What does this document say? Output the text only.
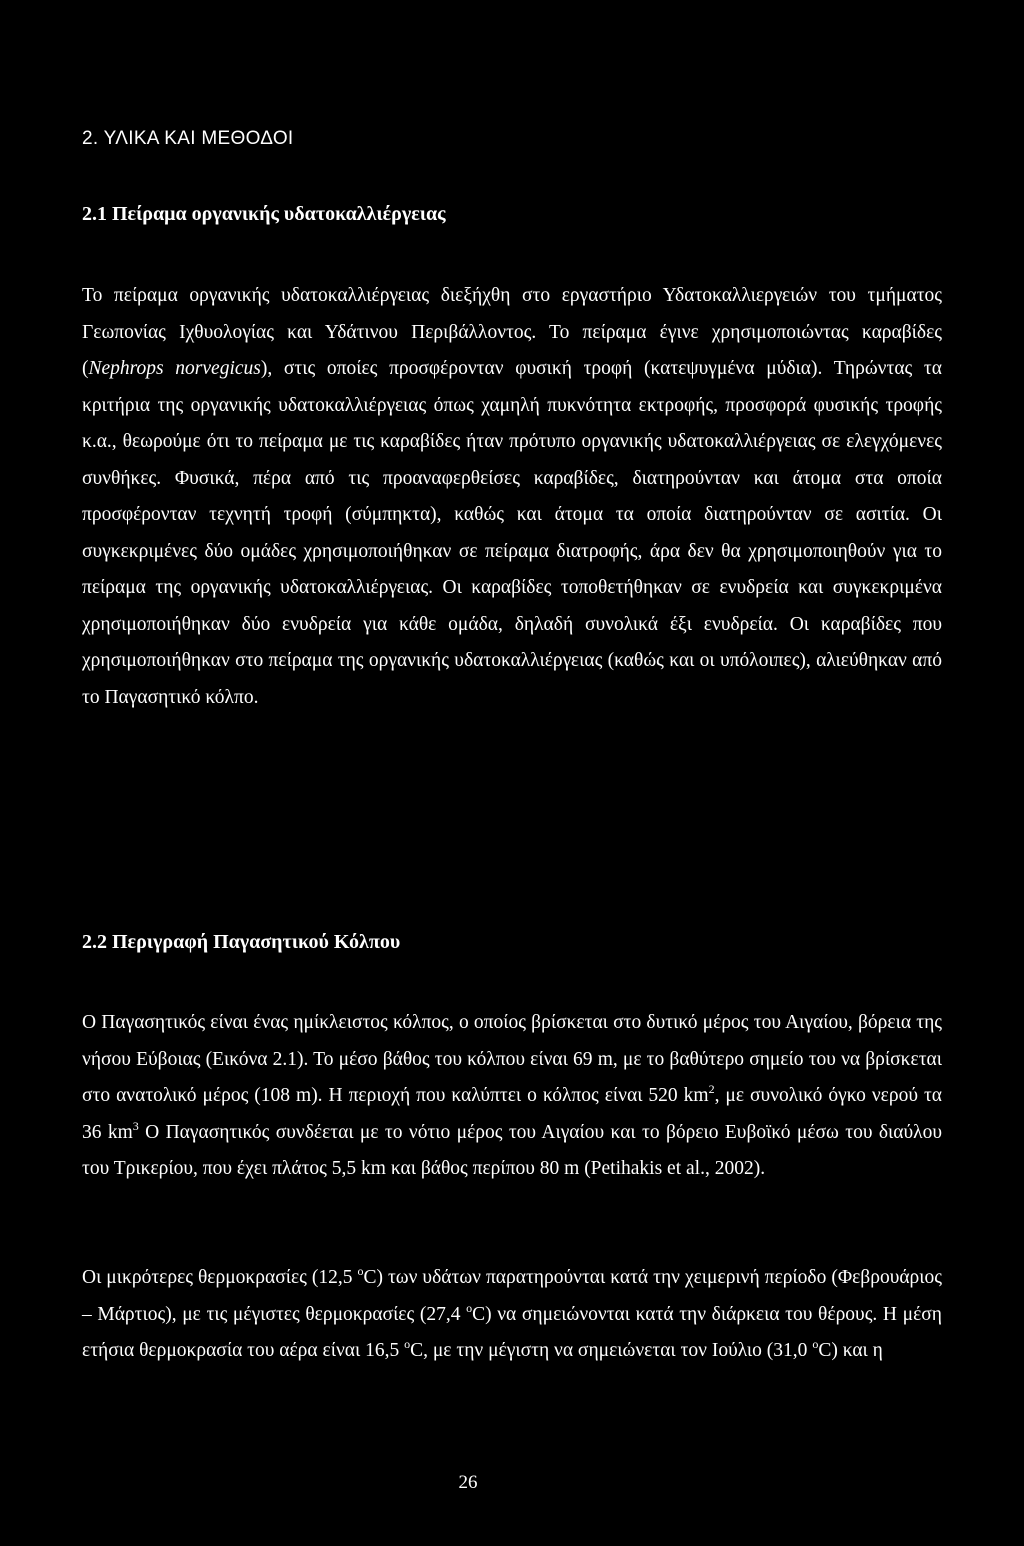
2. ΥΛΙΚΑ ΚΑΙ ΜΕΘΟΔΟΙ
2.1 Πείραμα οργανικής υδατοκαλλιέργειας

Το πείραμα οργανικής υδατοκαλλιέργειας διεξήχθη στο εργαστήριο Υδατοκαλλιεργειών του τμήματος Γεωπονίας Ιχθυολογίας και Υδάτινου Περιβάλλοντος. Το πείραμα έγινε χρησιμοποιώντας καραβίδες (Nephrops norvegicus), στις οποίες προσφέρονταν φυσική τροφή (κατεψυγμένα μύδια). Τηρώντας τα κριτήρια της οργανικής υδατοκαλλιέργειας όπως χαμηλή πυκνότητα εκτροφής, προσφορά φυσικής τροφής κ.α., θεωρούμε ότι το πείραμα με τις καραβίδες ήταν πρότυπο οργανικής υδατοκαλλιέργειας σε ελεγχόμενες συνθήκες. Φυσικά, πέρα από τις προαναφερθείσες καραβίδες, διατηρούνταν και άτομα στα οποία προσφέρονταν τεχνητή τροφή (σύμπηκτα), καθώς και άτομα τα οποία διατηρούνταν σε ασιτία. Οι συγκεκριμένες δύο ομάδες χρησιμοποιήθηκαν σε πείραμα διατροφής, άρα δεν θα χρησιμοποιηθούν για το πείραμα της οργανικής υδατοκαλλιέργειας. Οι καραβίδες τοποθετήθηκαν σε ενυδρεία και συγκεκριμένα χρησιμοποιήθηκαν δύο ενυδρεία για κάθε ομάδα, δηλαδή συνολικά έξι ενυδρεία. Οι καραβίδες που χρησιμοποιήθηκαν στο πείραμα της οργανικής υδατοκαλλιέργειας (καθώς και οι υπόλοιπες), αλιεύθηκαν από το Παγασητικό κόλπο.

2.2 Περιγραφή Παγασητικού Κόλπου

Ο Παγασητικός είναι ένας ημίκλειστος κόλπος, ο οποίος βρίσκεται στο δυτικό μέρος του Αιγαίου, βόρεια της νήσου Εύβοιας (Εικόνα 2.1). Το μέσο βάθος του κόλπου είναι 69 m, με το βαθύτερο σημείο του να βρίσκεται στο ανατολικό μέρος (108 m). Η περιοχή που καλύπτει ο κόλπος είναι 520 $km^2$, με συνολικό όγκο νερού τα 36 $km^3$ Ο Παγασητικός συνδέεται με το νότιο μέρος του Αιγαίου και το βόρειο Ευβοϊκό μέσω του διαύλου του Τρικερίου, που έχει πλάτος 5,5 km και βάθος περίπου 80 m (Petihakis et al., 2002).

Οι μικρότερες θερμοκρασίες (12,5 $^o$C) των υδάτων παρατηρούνται κατά την χειμερινή περίοδο (Φεβρουάριος – Μάρτιος), με τις μέγιστες θερμοκρασίες (27,4 $^o$C) να σημειώνονται κατά την διάρκεια του θέρους. Η μέση ετήσια θερμοκρασία του αέρα είναι 16,5 $^o$C, με την μέγιστη να σημειώνεται τον Ιούλιο (31,0 $^o$C) και η

26
